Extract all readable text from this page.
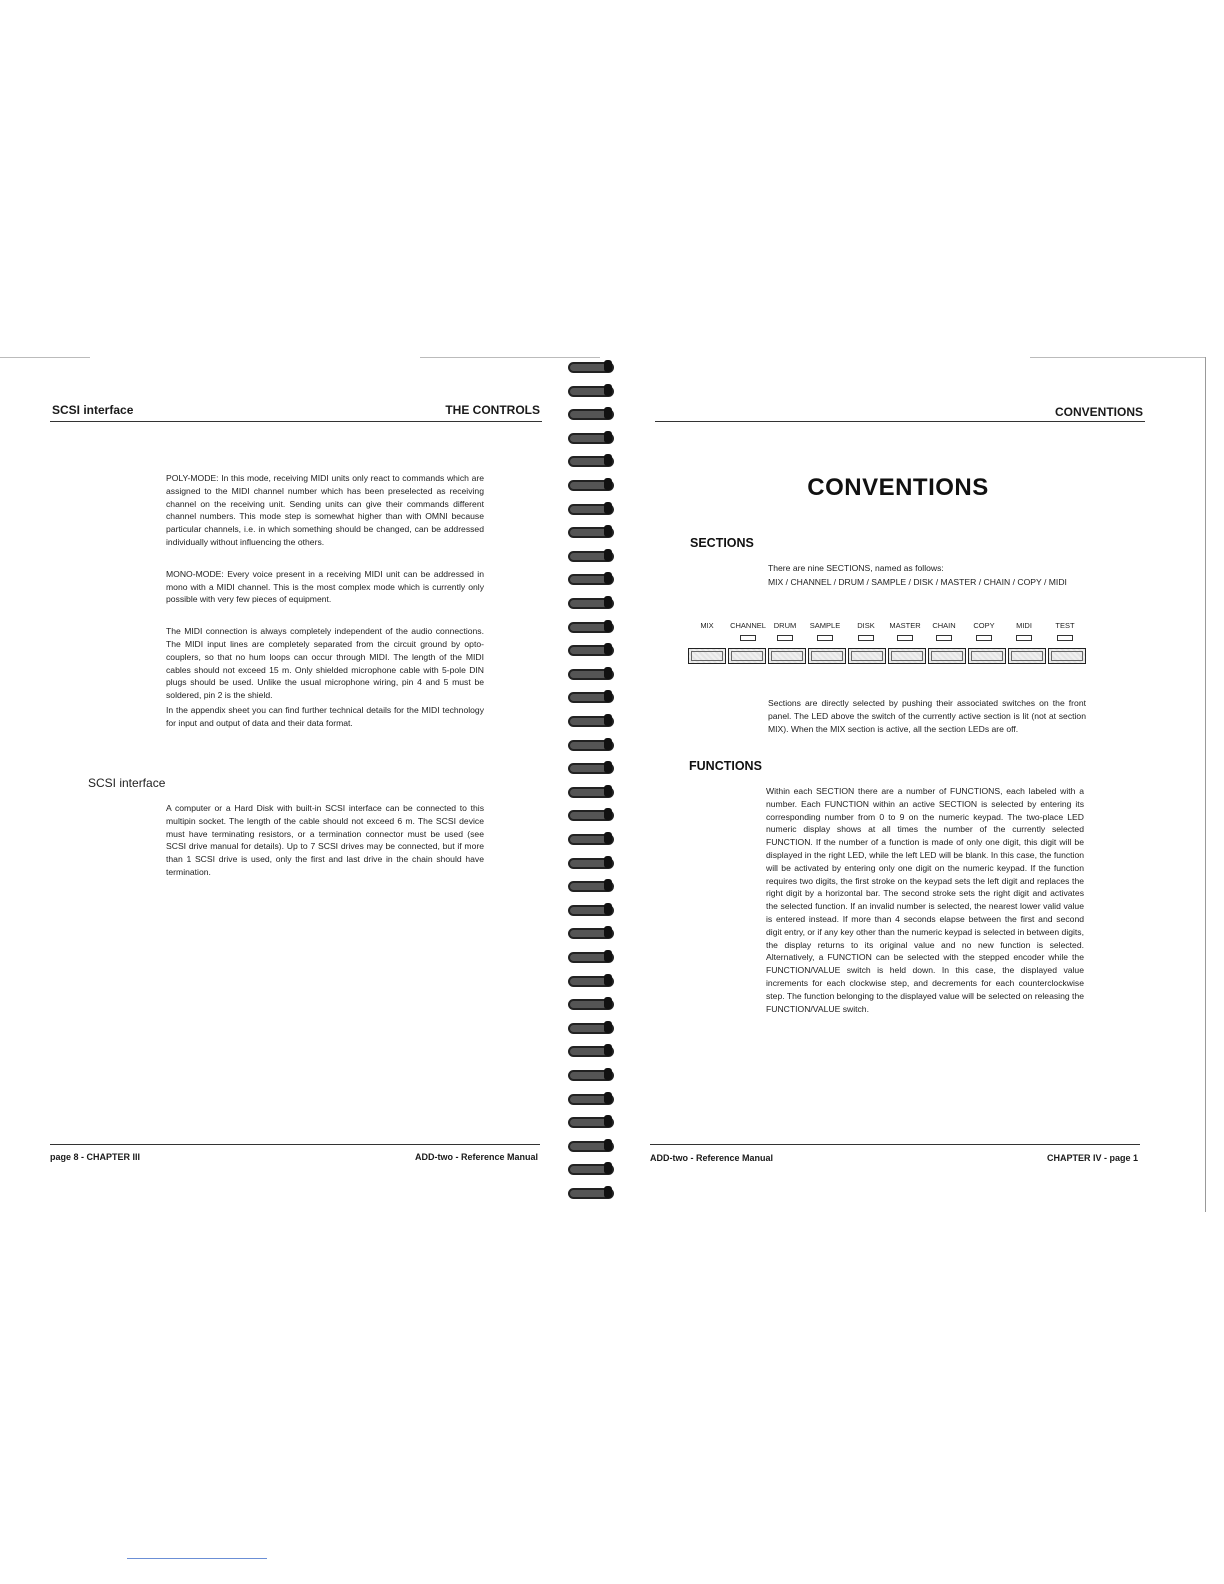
SCSI interface	THE CONTROLS

POLY-MODE: In this mode, receiving MIDI units only react to commands which are assigned to the MIDI channel number which has been preselected as receiving channel on the receiving unit. Sending units can give their commands different channel numbers. This mode step is somewhat higher than with OMNI because particular channels, i.e. in which something should be changed, can be addressed individually without influencing the others.

MONO-MODE: Every voice present in a receiving MIDI unit can be addressed in mono with a MIDI channel. This is the most complex mode which is currently only possible with very few pieces of equipment.

The MIDI connection is always completely independent of the audio connections. The MIDI input lines are completely separated from the circuit ground by opto-couplers, so that no hum loops can occur through MIDI. The length of the MIDI cables should not exceed 15 m. Only shielded microphone cable with 5-pole DIN plugs should be used. Unlike the usual microphone wiring, pin 4 and 5 must be soldered, pin 2 is the shield.

In the appendix sheet you can find further technical details for the MIDI technology for input and output of data and their data format.

SCSI interface
A computer or a Hard Disk with built-in SCSI interface can be connected to this multipin socket. The length of the cable should not exceed 6 m. The SCSI device must have terminating resistors, or a termination connector must be used (see SCSI drive manual for details). Up to 7 SCSI drives may be connected, but if more than 1 SCSI drive is used, only the first and last drive in the chain should have termination.
page 8 - CHAPTER III	ADD-two - Reference Manual
CONVENTIONS
CONVENTIONS
SECTIONS
There are nine SECTIONS, named as follows:
MIX / CHANNEL / DRUM / SAMPLE / DISK / MASTER / CHAIN / COPY / MIDI
MIX	CHANNEL	DRUM	SAMPLE	DISK	MASTER	CHAIN	COPY	MIDI	TEST
Sections are directly selected by pushing their associated switches on the front panel. The LED above the switch of the currently active section is lit (not at section MIX). When the MIX section is active, all the section LEDs are off.
FUNCTIONS
Within each SECTION there are a number of FUNCTIONS, each labeled with a number. Each FUNCTION within an active SECTION is selected by entering its corresponding number from 0 to 9 on the numeric keypad. The two-place LED numeric display shows at all times the number of the currently selected FUNCTION. If the number of a function is made of only one digit, this digit will be displayed in the right LED, while the left LED will be blank. In this case, the function will be activated by entering only one digit on the numeric keypad. If the function requires two digits, the first stroke on the keypad sets the left digit and replaces the right digit by a horizontal bar. The second stroke sets the right digit and activates the selected function. If an invalid number is selected, the nearest lower valid value is entered instead. If more than 4 seconds elapse between the first and second digit entry, or if any key other than the numeric keypad is selected in between digits, the display returns to its original value and no new function is selected. Alternatively, a FUNCTION can be selected with the stepped encoder while the FUNCTION/VALUE switch is held down. In this case, the displayed value increments for each clockwise step, and decrements for each counterclockwise step. The function belonging to the displayed value will be selected on releasing the FUNCTION/VALUE switch.
ADD-two - Reference Manual	CHAPTER IV - page 1
